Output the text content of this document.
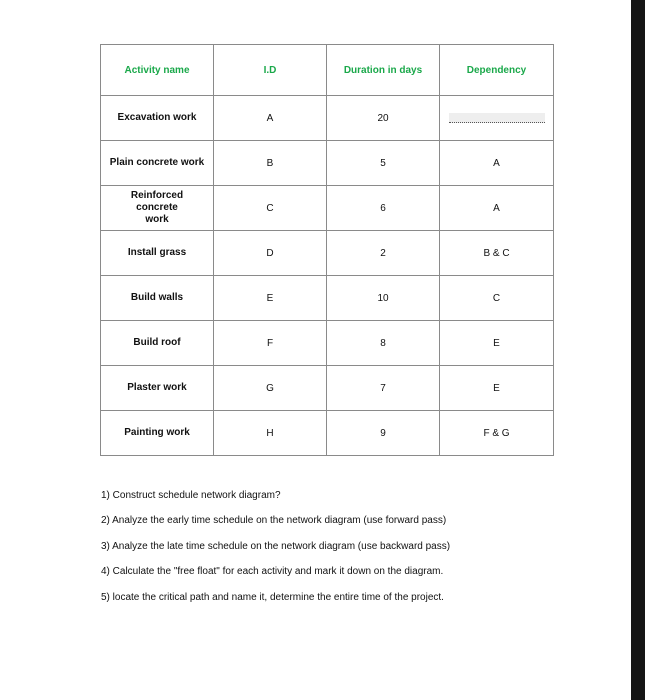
Activity name	I.D	Duration in days	Dependency
Excavation work	A	20	
Plain concrete work	B	5	A
Reinforced concrete work	C	6	A
Install grass	D	2	B & C
Build walls	E	10	C
Build roof	F	8	E
Plaster work	G	7	E
Painting work	H	9	F & G

1) Construct schedule network diagram?

2) Analyze the early time schedule on the network diagram (use forward pass)

3) Analyze the late time schedule on the network diagram (use backward pass)

4) Calculate the "free float" for each activity and mark it down on the diagram.

5) locate the critical path and name it, determine the entire time of the project.
